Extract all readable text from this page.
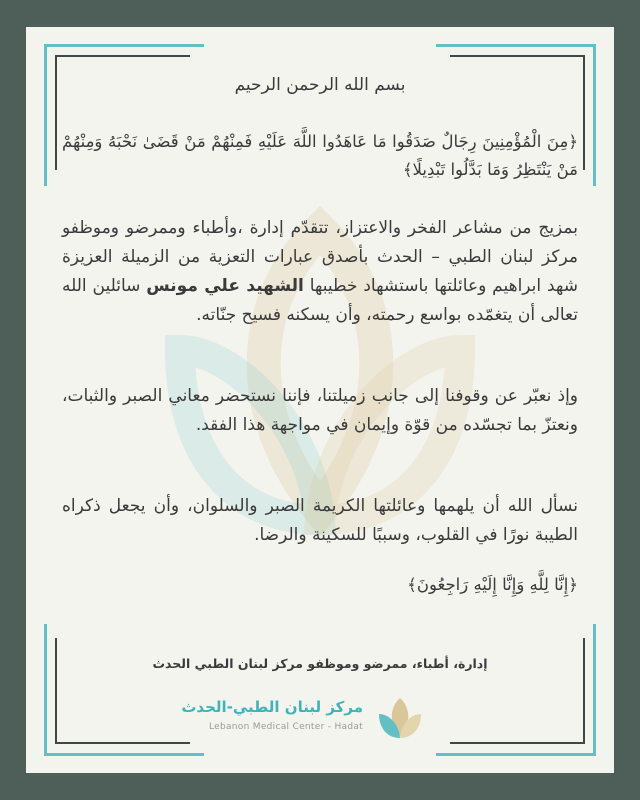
بسم الله الرحمن الرحيم
﴿مِنَ الْمُؤْمِنِينَ رِجَالٌ صَدَقُوا مَا عَاهَدُوا اللَّهَ عَلَيْهِ فَمِنْهُمْ مَنْ قَضَىٰ نَحْبَهُ وَمِنْهُمْ مَنْ يَنْتَظِرُ وَمَا بَدَّلُوا تَبْدِيلًا﴾
بمزيج من مشاعر الفخر والاعتزاز، تتقدّم إدارة ،وأطباء وممرضو وموظفو مركز لبنان الطبي – الحدث بأصدق عبارات التعزية من الزميلة العزيزة شهد ابراهيم وعائلتها باستشهاد خطيبها الشهيد علي مونس سائلين الله تعالى أن يتغمّده بواسع رحمته، وأن يسكنه فسيح جنّاته.
وإذ نعبّر عن وقوفنا إلى جانب زميلتنا، فإننا نستحضر معاني الصبر والثبات، ونعتزّ بما تجسّده من قوّة وإيمان في مواجهة هذا الفقد.
نسأل الله أن يلهمها وعائلتها الكريمة الصبر والسلوان، وأن يجعل ذكراه الطيبة نورًا في القلوب، وسببًا للسكينة والرضا.
﴿إِنَّا لِلَّهِ وَإِنَّا إِلَيْهِ رَاجِعُونَ﴾
إدارة، أطباء، ممرضو وموظفو مركز لبنان الطبي الحدث
مركز لبنان الطبي-الحدث
Lebanon Medical Center - Hadat
